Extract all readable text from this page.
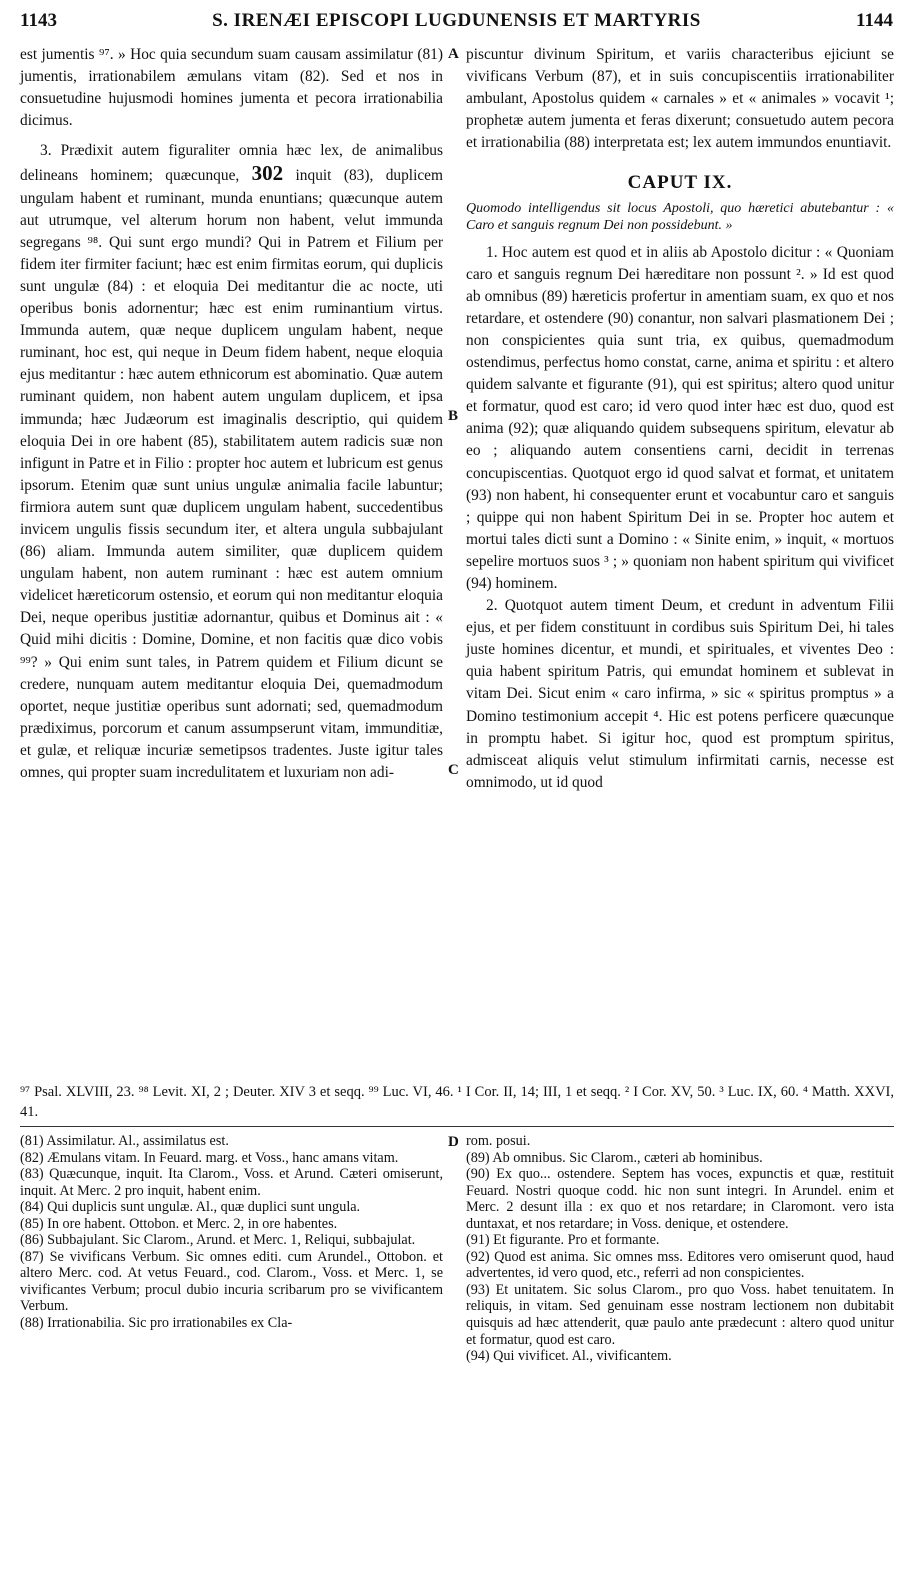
1143	S. IRENÆI EPISCOPI LUGDUNENSIS ET MARTYRIS	1144

est jumentis ⁹⁷. » Hoc quia secundum suam causam assimilatur (81) jumentis, irrationabilem æmulans vitam (82). Sed et nos in consuetudine hujusmodi homines jumenta et pecora irrationabilia dicimus.

3. Prædixit autem figuraliter omnia hæc lex, de animalibus delineans hominem; quæcunque, 302 inquit (83), duplicem ungulam habent et ruminant, munda enuntians; quæcunque autem aut utrumque, vel alterum horum non habent, velut immunda segregans ⁹⁸. Qui sunt ergo mundi? Qui in Patrem et Filium per fidem iter firmiter faciunt; hæc est enim firmitas eorum, qui duplicis sunt ungulæ (84) : et eloquia Dei meditantur die ac nocte, uti operibus bonis adornentur; hæc est enim ruminantium virtus. Immunda autem, quæ neque duplicem ungulam habent, neque ruminant, hoc est, qui neque in Deum fidem habent, neque eloquia ejus meditantur : hæc autem ethnicorum est abominatio. Quæ autem ruminant quidem, non habent autem ungulam duplicem, et ipsa immunda; hæc Judæorum est imaginalis descriptio, qui quidem eloquia Dei in ore habent (85), stabilitatem autem radicis suæ non infigunt in Patre et in Filio : propter hoc autem et lubricum est genus ipsorum. Etenim quæ sunt unius ungulæ animalia facile labuntur; firmiora autem sunt quæ duplicem ungulam habent, succedentibus invicem ungulis fissis secundum iter, et altera ungula subbajulant (86) aliam. Immunda autem similiter, quæ duplicem quidem ungulam habent, non autem ruminant : hæc est autem omnium videlicet hæreticorum ostensio, et eorum qui non meditantur eloquia Dei, neque operibus justitiæ adornantur, quibus et Dominus ait : « Quid mihi dicitis : Domine, Domine, et non facitis quæ dico vobis ⁹⁹? » Qui enim sunt tales, in Patrem quidem et Filium dicunt se credere, nunquam autem meditantur eloquia Dei, quemadmodum oportet, neque justitiæ operibus sunt adornati; sed, quemadmodum prædiximus, porcorum et canum assumpserunt vitam, immunditiæ, et gulæ, et reliquæ incuriæ semetipsos tradentes. Juste igitur tales omnes, qui propter suam incredulitatem et luxuriam non adi-

A
B
C
D

piscuntur divinum Spiritum, et variis characteribus ejiciunt se vivificans Verbum (87), et in suis concupiscentiis irrationabiliter ambulant, Apostolus quidem « carnales » et « animales » vocavit ¹; prophetæ autem jumenta et feras dixerunt; consuetudo autem pecora et irrationabilia (88) interpretata est; lex autem immundos enuntiavit.

CAPUT IX.

Quomodo intelligendus sit locus Apostoli, quo hæretici abutebantur : « Caro et sanguis regnum Dei non possidebunt. »

1. Hoc autem est quod et in aliis ab Apostolo dicitur : « Quoniam caro et sanguis regnum Dei hæreditare non possunt ². » Id est quod ab omnibus (89) hæreticis profertur in amentiam suam, ex quo et nos retardare, et ostendere (90) conantur, non salvari plasmationem Dei ; non conspicientes quia sunt tria, ex quibus, quemadmodum ostendimus, perfectus homo constat, carne, anima et spiritu : et altero quidem salvante et figurante (91), qui est spiritus; altero quod unitur et formatur, quod est caro; id vero quod inter hæc est duo, quod est anima (92); quæ aliquando quidem subsequens spiritum, elevatur ab eo ; aliquando autem consentiens carni, decidit in terrenas concupiscentias. Quotquot ergo id quod salvat et format, et unitatem (93) non habent, hi consequenter erunt et vocabuntur caro et sanguis ; quippe qui non habent Spiritum Dei in se. Propter hoc autem et mortui tales dicti sunt a Domino : « Sinite enim, » inquit, « mortuos sepelire mortuos suos ³ ; » quoniam non habent spiritum qui vivificet (94) hominem.

2. Quotquot autem timent Deum, et credunt in adventum Filii ejus, et per fidem constituunt in cordibus suis Spiritum Dei, hi tales juste homines dicentur, et mundi, et spirituales, et viventes Deo : quia habent spiritum Patris, qui emundat hominem et sublevat in vitam Dei. Sicut enim « caro infirma, » sic « spiritus promptus » a Domino testimonium accepit ⁴. Hic est potens perficere quæcunque in promptu habet. Si igitur hoc, quod est promptum spiritus, admisceat aliquis velut stimulum infirmitati carnis, necesse est omnimodo, ut id quod

⁹⁷ Psal. XLVIII, 23. ⁹⁸ Levit. XI, 2 ; Deuter. XIV 3 et seqq. ⁹⁹ Luc. VI, 46. ¹ I Cor. II, 14; III, 1 et seqq. ² I Cor. XV, 50. ³ Luc. IX, 60. ⁴ Matth. XXVI, 41.

(81) Assimilatur. Al., assimilatus est.

(82) Æmulans vitam. In Feuard. marg. et Voss., hanc amans vitam.

(83) Quæcunque, inquit. Ita Clarom., Voss. et Arund. Cæteri omiserunt, inquit. At Merc. 2 pro inquit, habent enim.

(84) Qui duplicis sunt ungulæ. Al., quæ duplici sunt ungula.

(85) In ore habent. Ottobon. et Merc. 2, in ore habentes.

(86) Subbajulant. Sic Clarom., Arund. et Merc. 1, Reliqui, subbajulat.

(87) Se vivificans Verbum. Sic omnes editi. cum Arundel., Ottobon. et altero Merc. cod. At vetus Feuard., cod. Clarom., Voss. et Merc. 1, se vivificantes Verbum; procul dubio incuria scribarum pro se vivificantem Verbum.

(88) Irrationabilia. Sic pro irrationabiles ex Cla-

rom. posui.

(89) Ab omnibus. Sic Clarom., cæteri ab hominibus.

(90) Ex quo... ostendere. Septem has voces, expunctis et quæ, restituit Feuard. Nostri quoque codd. hic non sunt integri. In Arundel. enim et Merc. 2 desunt illa : ex quo et nos retardare; in Claromont. vero ista duntaxat, et nos retardare; in Voss. denique, et ostendere.

(91) Et figurante. Pro et formante.

(92) Quod est anima. Sic omnes mss. Editores vero omiserunt quod, haud advertentes, id vero quod, etc., referri ad non conspicientes.

(93) Et unitatem. Sic solus Clarom., pro quo Voss. habet tenuitatem. In reliquis, in vitam. Sed genuinam esse nostram lectionem non dubitabit quisquis ad hæc attenderit, quæ paulo ante prædecunt : altero quod unitur et formatur, quod est caro.

(94) Qui vivificet. Al., vivificantem.
